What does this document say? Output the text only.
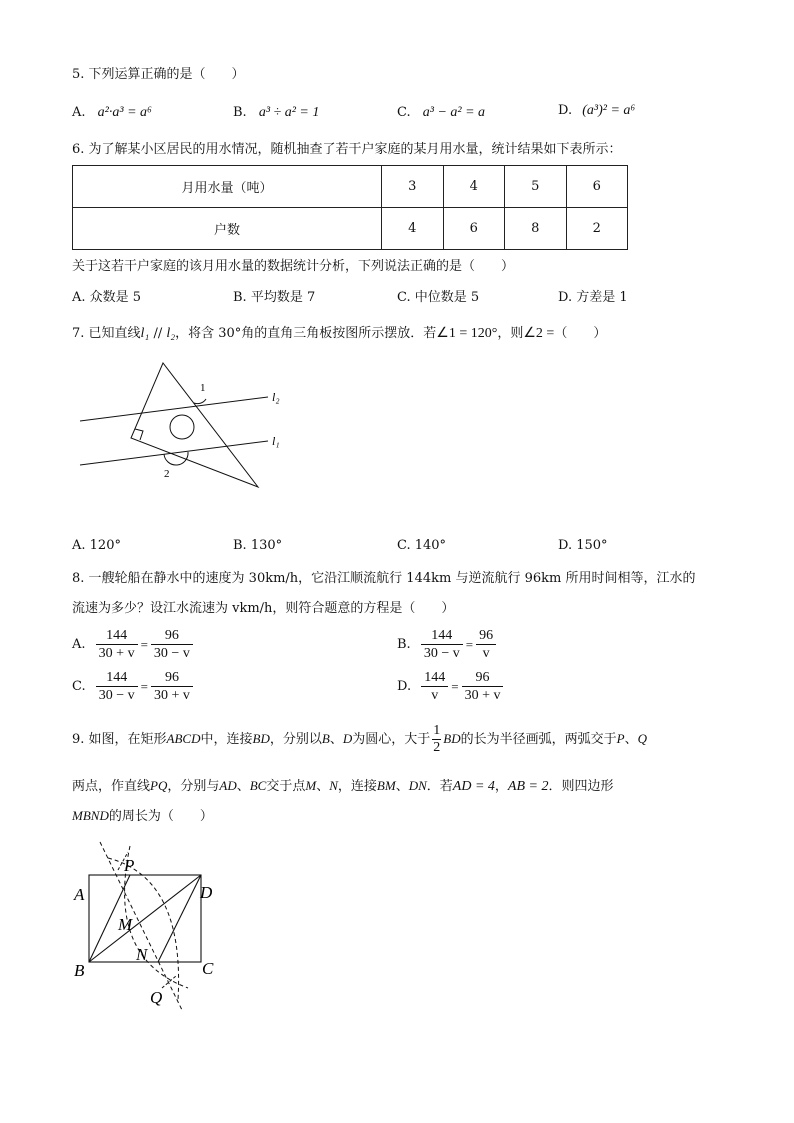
5. 下列运算正确的是（　　）
A. a²·a³ = a⁶	B. a³ ÷ a² = 1	C. a³ − a² = a	D. (a³)² = a⁶
6. 为了解某小区居民的用水情况，随机抽查了若干户家庭的某月用水量，统计结果如下表所示：
月用水量（吨）	3	4	5	6
户数	4	6	8	2
关于这若干户家庭的该月用水量的数据统计分析，下列说法正确的是（　　）
A. 众数是 5	B. 平均数是 7	C. 中位数是 5	D. 方差是 1
7. 已知直线l₁ // l₂，将含 30°角的直角三角板按图所示摆放．若∠1 = 120°，则∠2 =（　　）
1
2
l₂
l₁
A. 120°	B. 130°	C. 140°	D. 150°
8. 一艘轮船在静水中的速度为 30km/h，它沿江顺流航行 144km 与逆流航行 96km 所用时间相等，江水的
流速为多少？设江水流速为 vkm/h，则符合题意的方程是（　　）
A. $\frac{144}{30 + v} = \frac{96}{30 - v}$	B. $\frac{144}{30 - v} = \frac{96}{v}$
C. $\frac{144}{30 - v} = \frac{96}{30 + v}$	D. $\frac{144}{v} = \frac{96}{30 + v}$
9. 如图，在矩形ABCD中，连接BD，分别以B、D为圆心，大于 $\frac{1}{2}$ BD的长为半径画弧，两弧交于P、Q
两点，作直线PQ，分别与AD、BC交于点M、N，连接BM、DN．若AD = 4，AB = 2．则四边形
MBND的周长为（　　）
P
A	D
M
N
B	C
Q
